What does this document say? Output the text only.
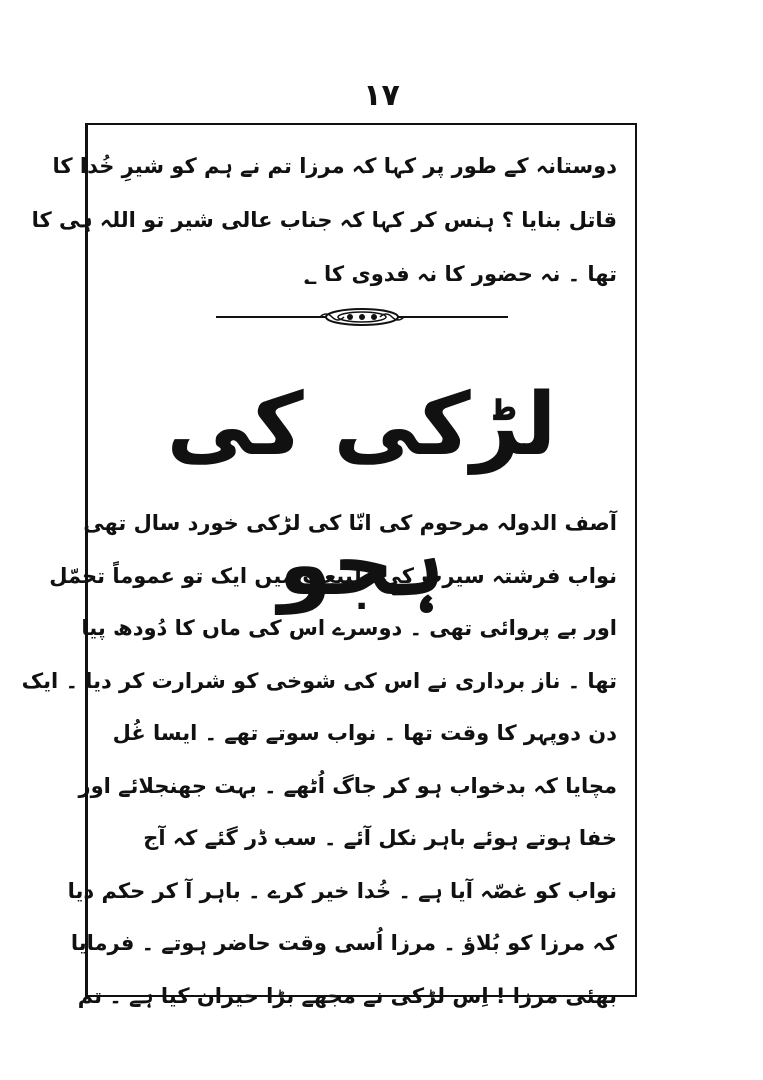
۱۷
دوستانہ کے طور پر کہا کہ مرزا تم نے ہم کو شیرِ خُدا کا
قاتل بنایا ؟ ہنس کر کہا کہ جناب عالی شیر تو اللہ ہی کا
تھا ۔ نہ حضور کا نہ فدوی کا ؂
لڑکی کی ہجو
آصف الدولہ مرحوم کی انّا کی لڑکی خورد سال تھی
نواب فرشتہ سیرت کی طبیعت میں ایک تو عموماً تحمّل
اور بے پروائی تھی ۔ دوسرے اس کی ماں کا دُودھ پیا
تھا ۔ ناز برداری نے اس کی شوخی کو شرارت کر دیا ۔ ایک
دن دوپہر کا وقت تھا ۔ نواب سوتے تھے ۔ ایسا غُل
مچایا کہ بدخواب ہو کر جاگ اُٹھے ۔ بہت جھنجلائے اور
خفا ہوتے ہوئے باہر نکل آئے ۔ سب ڈر گئے کہ آج
نواب کو غصّہ آیا ہے ۔ خُدا خیر کرے ۔ باہر آ کر حکم دیا
کہ مرزا کو بُلاؤ ۔ مرزا اُسی وقت حاضر ہوتے ۔ فرمایا
بھئی مرزا ! اِس لڑکی نے مجھے بڑا حیران کیا ہے ۔ تم
